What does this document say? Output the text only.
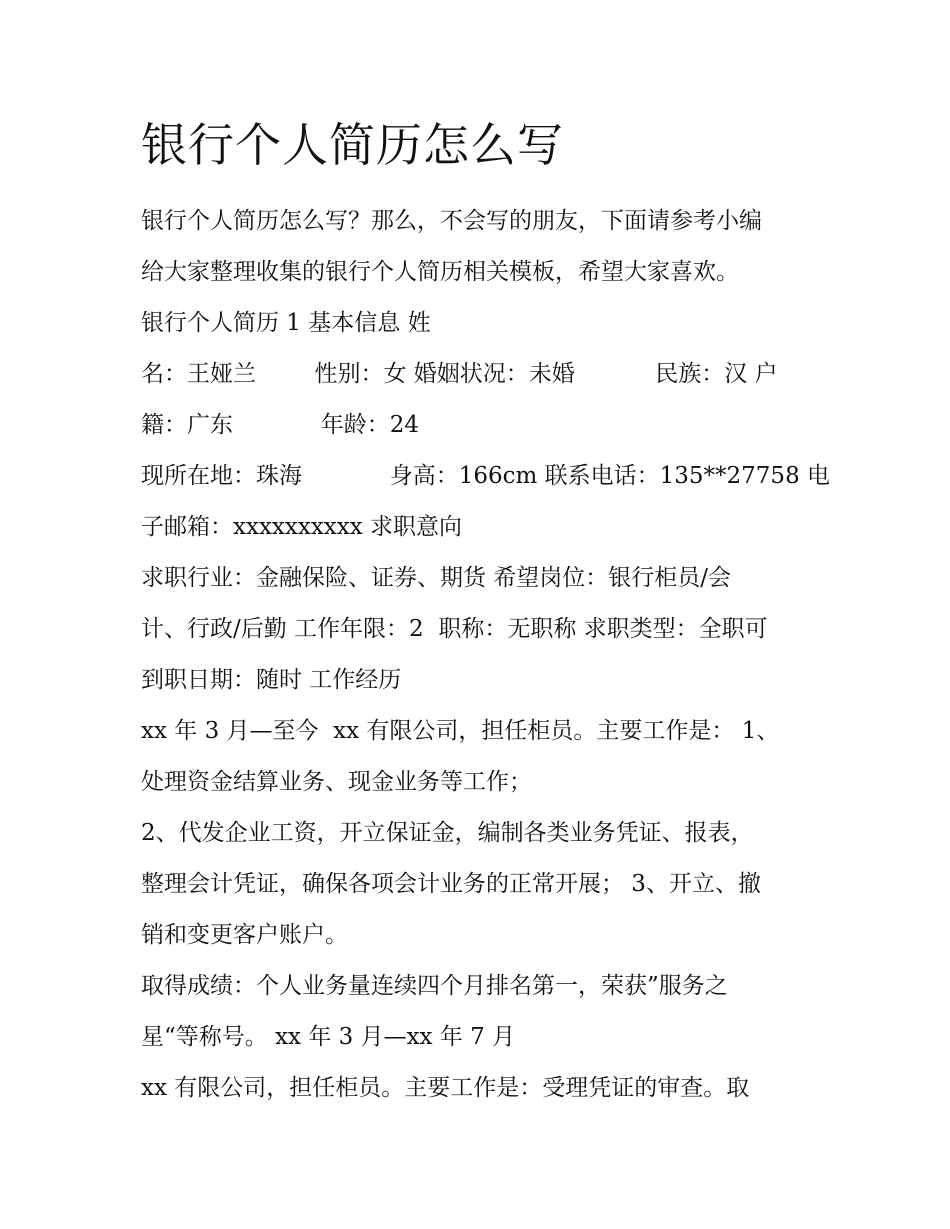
银行个人简历怎么写

银行个人简历怎么写？那么，不会写的朋友，下面请参考小编

给大家整理收集的银行个人简历相关模板，希望大家喜欢。

银行个人简历 1 基本信息 姓

名：王娅兰        性别：女 婚姻状况：未婚           民族：汉 户

籍：广东            年龄：24

现所在地：珠海            身高：166cm 联系电话：135**27758 电

子邮箱：xxxxxxxxxx 求职意向

求职行业：金融保险、证券、期货 希望岗位：银行柜员/会

计、行政/后勤 工作年限：2  职称：无职称 求职类型：全职可

到职日期：随时 工作经历

xx 年 3 月—至今  xx 有限公司，担任柜员。主要工作是： 1、

处理资金结算业务、现金业务等工作；

2、代发企业工资，开立保证金，编制各类业务凭证、报表，

整理会计凭证，确保各项会计业务的正常开展； 3、开立、撤

销和变更客户账户。

取得成绩：个人业务量连续四个月排名第一，荣获”服务之

星“等称号。 xx 年 3 月—xx 年 7 月

xx 有限公司，担任柜员。主要工作是：受理凭证的审查。取
